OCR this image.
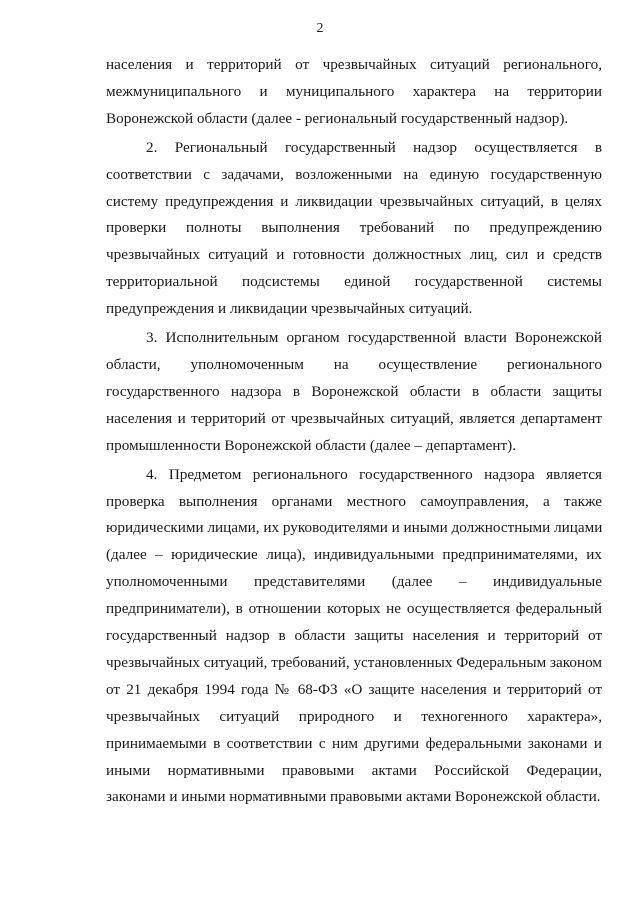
2
населения и территорий от чрезвычайных ситуаций регионального,
межмуниципального и муниципального характера на территории
Воронежской области (далее - региональный государственный надзор).
2. Региональный государственный надзор осуществляется в
соответствии с задачами, возложенными на единую государственную
систему предупреждения и ликвидации чрезвычайных ситуаций, в целях
проверки полноты выполнения требований по предупреждению
чрезвычайных ситуаций и готовности должностных лиц, сил и средств
территориальной подсистемы единой государственной системы
предупреждения и ликвидации чрезвычайных ситуаций.
3. Исполнительным органом государственной власти Воронежской
области, уполномоченным на осуществление регионального
государственного надзора в Воронежской области в области защиты
населения и территорий от чрезвычайных ситуаций, является департамент
промышленности Воронежской области (далее – департамент).
4. Предметом регионального государственного надзора является
проверка выполнения органами местного самоуправления, а также
юридическими лицами, их руководителями и иными должностными лицами
(далее – юридические лица), индивидуальными предпринимателями, их
уполномоченными представителями (далее – индивидуальные
предприниматели), в отношении которых не осуществляется федеральный
государственный надзор в области защиты населения и территорий от
чрезвычайных ситуаций, требований, установленных Федеральным законом
от 21 декабря 1994 года № 68-ФЗ «О защите населения и территорий от
чрезвычайных ситуаций природного и техногенного характера»,
принимаемыми в соответствии с ним другими федеральными законами и
иными нормативными правовыми актами Российской Федерации,
законами и иными нормативными правовыми актами Воронежской области.
